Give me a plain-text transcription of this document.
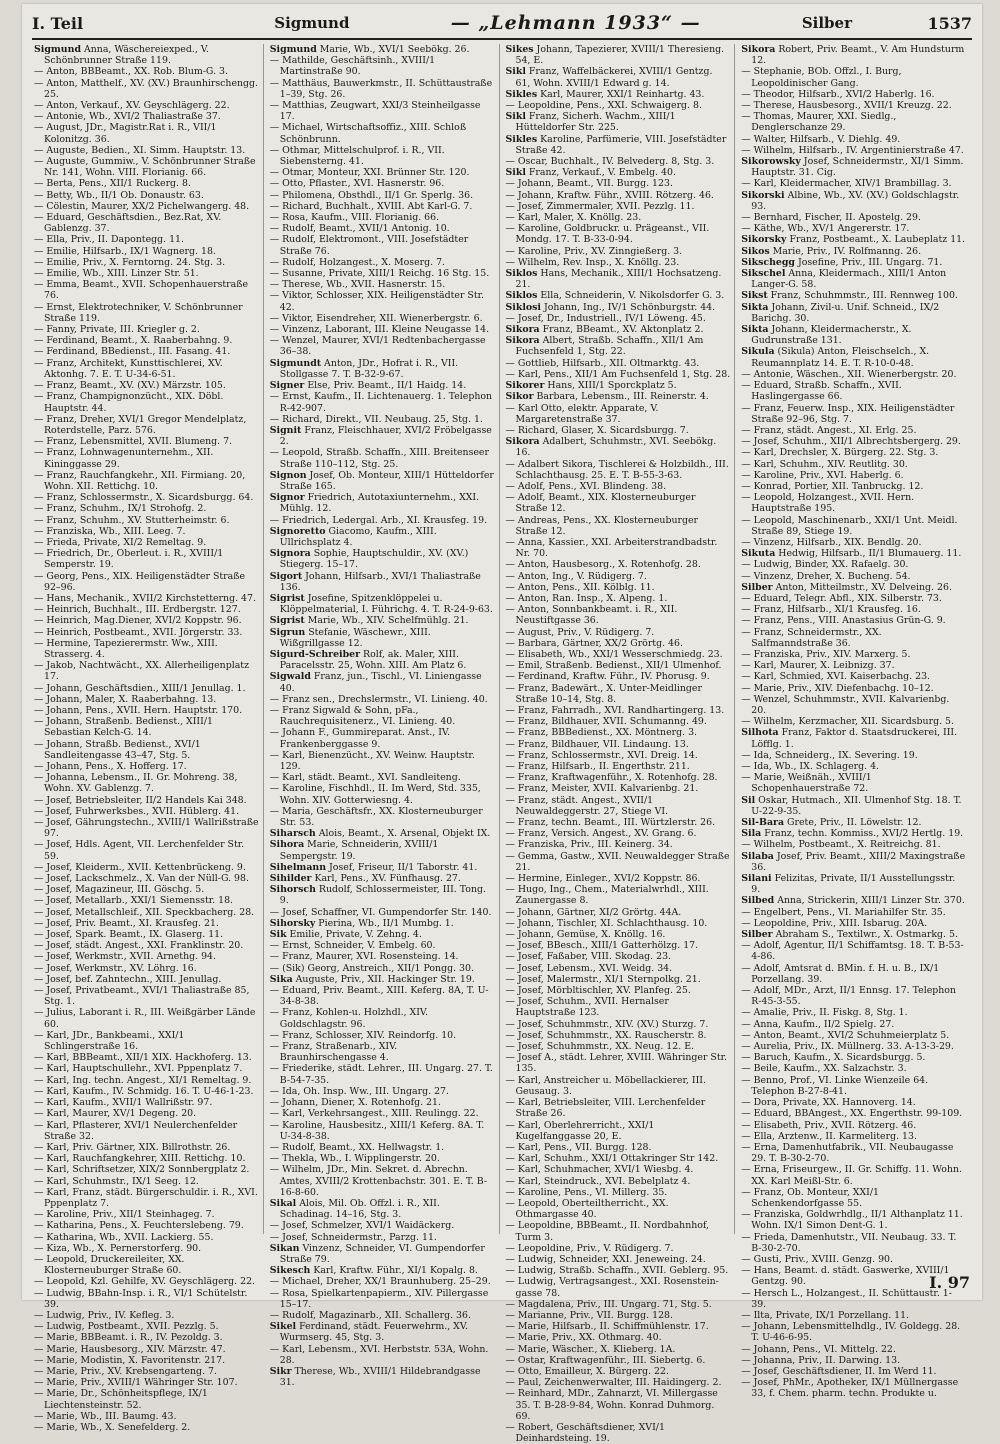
I. Teil	Sigmund	— „Lehmann 1933“ —	Silber	1537

Sigmund Anna, Wäschereiexped., V. Schönbrunner Straße 119.

— Anton, BBBeamt., XX. Rob. Blum-G. 3.

— Anton, Matthelf., XV. (XV.) Braunhirschengg. 25.

— Anton, Verkauf., XV. Geyschlägerg. 22.

— Antonie, Wb., XVI/2 Thaliastraße 37.

— August, JDr., Magistr.Rat i. R., VII/1 Kolonitzg. 36.

— Auguste, Bedien., XI. Simm. Hauptstr. 13.

— Auguste, Gummiw., V. Schönbrunner Straße Nr. 141, Wohn. VIII. Florianig. 66.

— Berta, Pens., XII/1 Ruckerg. 8.

— Betty, Wb., II/1 Ob. Donaustr. 63.

— Cölestin, Maurer, XX/2 Pichelwangerg. 48.

— Eduard, Geschäftsdien., Bez.Rat, XV. Gablenzg. 37.

— Ella, Priv., II. Dapontegg. 11.

— Emilie, Hilfsarb., IX/1 Wagnerg. 18.

— Emilie, Priv., X. Ferntorng. 24. Stg. 3.

— Emilie, Wb., XIII. Linzer Str. 51.

— Emma, Beamt., XVII. Schopenhauerstraße 76.

— Ernst, Elektrotechniker, V. Schönbrunner Straße 119.

— Fanny, Private, III. Kriegler g. 2.

— Ferdinand, Beamt., X. Raaberbahng. 9.

— Ferdinand, BBedienst., III. Fasang. 41.

— Franz, Architekt, Kunsttischlerei, XV. Aktonhg. 7. E. T. U-34-6-51.

— Franz, Beamt., XV. (XV.) Märzstr. 105.

— Franz, Champignonzücht., XIX. Döbl. Hauptstr. 44.

— Franz, Dreher, XVI/1 Gregor Mendelplatz, Roterdstelle, Parz. 576.

— Franz, Lebensmittel, XVII. Blumeng. 7.

— Franz, Lohnwagenunternehm., XII. Kininggasse 29.

— Franz, Rauchfangkehr., XII. Firmiang. 20, Wohn. XII. Rettichg. 10.

— Franz, Schlossermstr., X. Sicardsburgg. 64.

— Franz, Schuhm., IX/1 Strohofg. 2.

— Franz, Schuhm., XV. Stutterheimstr. 6.

— Franziska, Wb., XIII. Leeg. 7.

— Frieda, Private, XI/2 Remeltag. 9.

— Friedrich, Dr., Oberleut. i. R., XVIII/1 Semperstr. 19.

— Georg, Pens., XIX. Heiligenstädter Straße 92–96.

— Hans, Mechanik., XVII/2 Kirchstetterng. 47.

— Heinrich, Buchhalt., III. Erdbergstr. 127.

— Heinrich, Mag.Diener, XVI/2 Koppstr. 96.

— Heinrich, Postbeamt., XVII. Jörgerstr. 33.

— Hermine, Tapezierermstr. Ww., XIII. Strasserg. 4.

— Jakob, Nachtwächt., XX. Allerheiligenplatz 17.

— Johann, Geschäftsdien., XIII/1 Jenullag. 1.

— Johann, Maler, X. Raaberbahng. 13.

— Johann, Pens., XVII. Hern. Hauptstr. 170.

— Johann, Straßenb. Bedienst., XIII/1 Sebastian Kelch-G. 14.

— Johann, Straßb. Bedienst., XVI/1 Sandleitengasse 43–47, Stg. 5.

— Johann, Pens., X. Hofferg. 17.

— Johanna, Lebensm., II. Gr. Mohreng. 38, Wohn. XV. Gablenzg. 7.

— Josef, Betriebsleiter, II/2 Handels Kai 348.

— Josef, Fuhrwerksbes., XVII. Hüblerg. 41.

— Josef, Gährungstechn., XVIII/1 Wallrißstraße 97.

— Josef, Hdls. Agent, VII. Lerchenfelder Str. 59.

— Josef, Kleiderm., XVII. Kettenbrückeng. 9.

— Josef, Lackschmelz., X. Van der Nüll-G. 98.

— Josef, Magazineur, III. Göschg. 5.

— Josef, Metallarb., XXI/1 Siemensstr. 18.

— Josef, Metallschleif., XII. Speckbacherg. 28.

— Josef, Priv. Beamt., XI. Krausfeg. 21.

— Josef, Spark. Beamt., IX. Glaserg. 11.

— Josef, städt. Angest., XXI. Franklinstr. 20.

— Josef, Werkmstr., XVII. Arnethg. 94.

— Josef, Werkmstr., XV. Löhrg. 16.

— Josef, bef. Zahntechn., XIII. Jenullag.

— Josef, Privatbeamt., XVI/1 Thaliastraße 85, Stg. 1.

— Julius, Laborant i. R., III. Weißgärber Lände 60.

— Karl, JDr., Bankbeami., XXI/1 Schlingerstraße 16.

— Karl, BBBeamt., XII/1 XIX. Hackhoferg. 13.

— Karl, Hauptschullehr., XVI. Pppenplatz 7.

— Karl, Ing. techn. Angest., XI/1 Remeltag. 9.

— Karl, Kaufm., IV. Schmidg. 16. T. U-46-1-23.

— Karl, Kaufm., XVII/1 Wallrißstr. 97.

— Karl, Maurer, XV/1 Degeng. 20.

— Karl, Pflasterer, XVI/1 Neulerchenfelder Straße 32.

— Karl, Priv. Gärtner, XIX. Billrothstr. 26.

— Karl, Rauchfangkehrer, XIII. Rettichg. 10.

— Karl, Schriftsetzer, XIX/2 Sonnbergplatz 2.

— Karl, Schuhmstr., IX/1 Seeg. 12.

— Karl, Franz, städt. Bürgerschuldir. i. R., XVI. Pppenplatz 7.

— Karoline, Priv., XII/1 Steinhageg. 7.

— Katharina, Pens., X. Feuchterslebeng. 79.

— Katharina, Wb., XVII. Lackierg. 55.

— Kiza, Wb., X. Pernerstorferg. 90.

— Leopold, Druckereileiter, XX. Klosterneuburger Straße 60.

— Leopold, Kzl. Gehilfe, XV. Geyschlägerg. 22.

— Ludwig, BBahn-Insp. i. R., VI/1 Schütelstr. 39.

— Ludwig, Priv., IV. Kefleg. 3.

— Ludwig, Postbeamt., XVII. Pezzlg. 5.

— Marie, BBBeamt. i. R., IV. Pezoldg. 3.

— Marie, Hausbesorg., XIV. Märzstr. 47.

— Marie, Modistin, X. Favoritenstr. 217.

— Marie, Priv., XV. Krebsengarteng. 7.

— Marie, Priv., XVIII/1 Währinger Str. 107.

— Marie, Dr., Schönheitspflege, IX/1 Liechtensteinstr. 52.

— Marie, Wb., III. Baumg. 43.

— Marie, Wb., X. Senefelderg. 2.

Sigmund Marie, Wb., XVI/1 Seebökg. 26.

— Mathilde, Geschäftsinh., XVIII/1 Martinstraße 90.

— Matthäus, Bauwerkmstr., II. Schüttaustraße 1–39, Stg. 26.

— Matthias, Zeugwart, XXI/3 Steinheilgasse 17.

— Michael, Wirtschaftsoffiz., XIII. Schloß Schönbrunn.

— Othmar, Mittelschulprof. i. R., VII. Siebensterng. 41.

— Otmar, Monteur, XXI. Brünner Str. 120.

— Otto, Pflaster., XVI. Hasnerstr. 96.

— Philomena, Obsthdl., II/1 Gr. Sperlg. 36.

— Richard, Buchhalt., XVIII. Abt Karl-G. 7.

— Rosa, Kaufm., VIII. Florianig. 66.

— Rudolf, Beamt., XVII/1 Antonig. 10.

— Rudolf, Elektromont., VIII. Josefstädter Straße 76.

— Rudolf, Holzangest., X. Moserg. 7.

— Susanne, Private, XIII/1 Reichg. 16 Stg. 15.

— Therese, Wb., XVII. Hasnerstr. 15.

— Viktor, Schlosser, XIX. Heiligenstädter Str. 42.

— Viktor, Eisendreher, XII. Wienerbergstr. 6.

— Vinzenz, Laborant, III. Kleine Neugasse 14.

— Wenzel, Maurer, XVI/1 Redtenbachergasse 36–38.

Sigmundt Anton, JDr., Hofrat i. R., VII. Stollgasse 7. T. B-32-9-67.

Signer Else, Priv. Beamt., II/1 Haidg. 14.

— Ernst, Kaufm., II. Lichtenauerg. 1. Telephon R-42-907.

— Richard, Direkt., VII. Neubaug. 25, Stg. 1.

Signit Franz, Fleischhauer, XVI/2 Fröbelgasse 2.

— Leopold, Straßb. Schaffn., XIII. Breitenseer Straße 110–112, Stg. 25.

Signon Josef, Ob. Monteur, XIII/1 Hütteldorfer Straße 165.

Signor Friedrich, Autotaxiunternehm., XXI. Mühlg. 12.

— Friedrich, Ledergal. Arb., XI. Krausfeg. 19.

Signoretto Giacomo, Kaufm., XIII. Ullrichsplatz 4.

Signora Sophie, Hauptschuldir., XV. (XV.) Stiegerg. 15–17.

Sigort Johann, Hilfsarb., XVI/1 Thaliastraße 136.

Sigrist Josefine, Spitzenklöppelei u. Klöppelmaterial, I. Führichg. 4. T. R-24-9-63.

Sigrist Marie, Wb., XIV. Schelfmühlg. 21.

Sigrun Stefanie, Wäschewr., XIII. Wißgrillgasse 12.

Sigurd-Schreiber Rolf, ak. Maler, XIII. Paracelsstr. 25, Wohn. XIII. Am Platz 6.

Sigwald Franz, jun., Tischl., VI. Liniengasse 40.

— Franz sen., Drechslermstr., VI. Linieng. 40.

— Franz Sigwald & Sohn, pFa., Rauchrequisitenerz., VI. Linieng. 40.

— Johann F., Gummireparat. Anst., IV. Frankenberggasse 9.

— Karl, Bienenzücht., XV. Weinw. Hauptstr. 129.

— Karl, städt. Beamt., XVI. Sandleiteng.

— Karoline, Fischhdl., II. Im Werd, Std. 335, Wohn. XIV. Gotterwiesng. 4.

— Maria, Geschäftsfr., XX. Klosterneuburger Str. 53.

Siharsch Alois, Beamt., X. Arsenal, Objekt IX.

Sihora Marie, Schneiderin, XVIII/1 Sempergstr. 19.

Sihelmann Josef, Friseur, II/1 Taborstr. 41.

Sihilder Karl, Pens., XV. Fünfhausg. 27.

Sihorsch Rudolf, Schlossermeister, III. Tong. 9.

— Josef, Schaffner, VI. Gumpendorfer Str. 140.

Sihorsky Pierina, Wb., II/1 Mumbg. 1.

Sik Emilie, Private, V. Zehng. 4.

— Ernst, Schneider, V. Embelg. 60.

— Franz, Maurer, XVI. Rosensteing. 14.

— (Sik) Georg, Anstreich., XII/1 Pongg. 30.

Sika Auguste, Priv., XII. Hackinger Str. 19.

— Eduard, Priv. Beamt., XIII. Keferg. 8A, T. U-34-8-38.

— Franz, Kohlen-u. Holzhdl., XIV. Goldschlagstr. 96.

— Franz, Schlosser, XIV. Reindorfg. 10.

— Franz, Straßenarb., XIV. Braunhirschengasse 4.

— Friederike, städt. Lehrer., III. Ungarg. 27. T. B-54-7-35.

— Ida, Oh. Insp. Ww., III. Ungarg. 27.

— Johann, Diener, X. Rotenhofg. 21.

— Karl, Verkehrsangest., XIII. Reulingg. 22.

— Karoline, Hausbesitz., XIII/1 Keferg. 8A. T. U-34-8-38.

— Rudolf, Beamt., XX. Hellwagstr. 1.

— Thekla, Wb., I. Wipplingerstr. 20.

— Wilhelm, JDr., Min. Sekret. d. Abrechn. Amtes, XVIII/2 Krottenbachstr. 301. E. T. B-16-8-60.

Sikal Alois, Mil. Ob. Offzl. i. R., XII. Schadinag. 14–16, Stg. 3.

— Josef, Schmelzer, XVI/1 Waidäckerg.

— Josef, Schneidermstr., Parzg. 11.

Sikan Vinzenz, Schneider, VI. Gumpendorfer Straße 79.

Sikesch Karl, Kraftw. Führ., XI/1 Kopalg. 8.

— Michael, Dreher, XX/1 Braunhuberg. 25–29.

— Rosa, Spielkartenpapierm., XIV. Pillergasse 15–17.

— Rudolf, Magazinarb., XII. Schallerg. 36.

Sikel Ferdinand, städt. Feuerwehrm., XV. Wurmserg. 45, Stg. 3.

— Karl, Lebensm., XVI. Herbststr. 53A, Wohn. 28.

Sikr Therese, Wb., XVIII/1 Hildebrandgasse 31.

Sikes Johann, Tapezierer, XVIII/1 Theresieng. 54, E.

Sikl Franz, Waffelbäckerei, XVIII/1 Gentzg. 61, Wohn. XVIII/1 Edward g. 14.

Sikles Karl, Maurer, XXI/1 Reinhartg. 43.

— Leopoldine, Pens., XXI. Schwaigerg. 8.

Sikl Franz, Sicherh. Wachm., XIII/1 Hütteldorfer Str. 225.

Sikles Karoline, Parfümerie, VIII. Josefstädter Straße 42.

— Oscar, Buchhalt., IV. Belvederg. 8, Stg. 3.

Sikl Franz, Verkauf., V. Embelg. 40.

— Johann, Beamt., VII. Burgg. 123.

— Johann, Kraftw. Führ., XVIII. Rötzerg. 46.

— Josef, Zimmermaler, XVII. Pezzlg. 11.

— Karl, Maler, X. Knöllg. 23.

— Karoline, Goldbruckr. u. Prägeanst., VII. Mondg. 17. T. B-33-0-94.

— Karoline, Priv., XV. Zinngießerg. 3.

— Wilhelm, Rev. Insp., X. Knöllg. 23.

Siklos Hans, Mechanik., XIII/1 Hochsatzeng. 21.

Siklos Ella, Schneiderin, V. Nikolsdorfer G. 3.

Siklosi Johann, Ing., IV/1 Schönburgstr. 44.

— Josef, Dr., Industriell., IV/1 Löweng. 45.

Sikora Franz, BBeamt., XV. Aktonplatz 2.

Sikora Albert, Straßb. Schaffn., XII/1 Am Fuchsenfeld 1, Stg. 22.

— Gottlieb, Hilfsarb., XII. Oltmarktg. 43.

— Karl, Pens., XII/1 Am Fuchsenfeld 1, Stg. 28.

Sikorer Hans, XIII/1 Sporckplatz 5.

Sikor Barbara, Lebensm., III. Reinerstr. 4.

— Karl Otto, elektr. Apparate, V. Margaretenstraße 37.

— Richard, Glaser, X. Sicardsburgg. 7.

Sikora Adalbert, Schuhmstr., XVI. Seebökg. 16.

— Adalbert Sikora, Tischlerei & Holzbildh., III. Schlachthausg. 25. E. T. B-55-3-63.

— Adolf, Pens., XVI. Blindeng. 38.

— Adolf, Beamt., XIX. Klosterneuburger Straße 12.

— Andreas, Pens., XX. Klosterneuburger Straße 12.

— Anna, Kassier., XXI. Arbeiterstrandbadstr. Nr. 70.

— Anton, Hausbesorg., X. Rotenhofg. 28.

— Anton, Ing., V. Rüdigerg. 7.

— Anton, Pens., XII. Kölblg. 11.

— Anton, Ran. Insp., X. Alpeng. 1.

— Anton, Sonnbankbeamt. i. R., XII. Neustiftgasse 36.

— August, Priv., V. Rüdigerg. 7.

— Barbara, Gärtner, XX/2 Grörtg. 46.

— Elisabeth, Wb., XXI/1 Wesserschmiedg. 23.

— Emil, Straßenb. Bedienst., XII/1 Ulmenhof.

— Ferdinand, Kraftw. Führ., IV. Phorusg. 9.

— Franz, Badewärt., X. Unter-Meidlinger Straße 10–14, Stg. 8.

— Franz, Fahrradh., XVI. Randhartingerg. 13.

— Franz, Bildhauer, XVII. Schumanng. 49.

— Franz, BBBedienst., XX. Möntnerg. 3.

— Franz, Bildhauer, VII. Lindaung. 13.

— Franz, Schlossermstr., XVI. Dreig. 14.

— Franz, Hilfsarb., II. Engerthstr. 211.

— Franz, Kraftwagenführ., X. Rotenhofg. 28.

— Franz, Meister, XVII. Kalvarienbg. 21.

— Franz, städt. Angest., XVII/1 Neuwaldeggerstr. 27, Stiege VI.

— Franz, techn. Beamt., III. Würtzlerstr. 26.

— Franz, Versich. Angest., XV. Grang. 6.

— Franziska, Priv., III. Keinerg. 34.

— Gemma, Gastw., XVII. Neuwaldegger Straße 21.

— Hermine, Einleger., XVI/2 Koppstr. 86.

— Hugo, Ing., Chem., Materialwrhdl., XIII. Zaunergasse 8.

— Johann, Gärtner, XI/2 Grörtg. 44A.

— Johann, Tischler, XI. Schlachthausg. 10.

— Johann, Gemüse, X. Knöllg. 16.

— Josef, BBesch., XIII/1 Gatterhölzg. 17.

— Josef, Faßaber, VIII. Skodag. 23.

— Josef, Lebensm., XVI. Weidg. 34.

— Josef, Malermstr., XI/1 Sternpolkg. 21.

— Josef, Mörbltischler, XV. Planfeg. 25.

— Josef, Schuhm., XVII. Hernalser Hauptstraße 123.

— Josef, Schuhmmstr., XIV. (XV.) Sturzg. 7.

— Josef, Schuhmmstr., XX. Rauscherstr. 8.

— Josef, Schuhmmstr., XX. Neug. 12. E.

— Josef A., städt. Lehrer, XVIII. Währinger Str. 135.

— Karl, Anstreicher u. Möbellackierer, III. Geusaug. 3.

— Karl, Betriebsleiter, VIII. Lerchenfelder Straße 26.

— Karl, Oberlehrerricht., XXI/1 Kugelfanggasse 20, E.

— Karl, Pens., VII. Burgg. 128.

— Karl, Schuhm., XXI/1 Ottakringer Str 142.

— Karl, Schuhmacher, XVI/1 Wiesbg. 4.

— Karl, Steindruck., XVI. Bebelplatz 4.

— Karoline, Pens., VI. Millerg. 35.

— Leopold, Oberteiltherricht., XX. Othmargasse 40.

— Leopoldine, BBBeamt., II. Nordbahnhof, Turm 3.

— Leopoldine, Priv., V. Rüdigerg. 7.

— Ludwig, Schneider, XXI. Jeneweing. 24.

— Ludwig, Straßb. Schaffn., XVII. Geblerg. 95.

— Ludwig, Vertragsangest., XXI. Rosenstein-gasse 78.

— Magdalena, Priv., III. Ungarg. 71, Stg. 5.

— Marianne, Priv., VII. Burgg. 128.

— Marie, Hilfsarb., II. Schiffmühlenstr. 17.

— Marie, Priv., XX. Othmarg. 40.

— Marie, Wäscher., X. Klieberg. 1A.

— Ostar, Kraftwagenführ., III. Siebertg. 6.

— Otto, Emailleur, X. Bürgerg. 22.

— Paul, Zeichenwerwalter, III. Haidingerg. 2.

— Reinhard, MDr., Zahnarzt, VI. Millergasse 35. T. B-28-9-84, Wohn. Konrad Duhmorg. 69.

— Robert, Geschäftsdiener, XVI/1 Deinhardsteing. 19.

Sikora Robert, Priv. Beamt., V. Am Hundsturm 12.

— Stephanie, BOb. Offzl., I. Burg, Leopoldinischer Gang.

— Theodor, Hilfsarb., XVI/2 Haberlg. 16.

— Therese, Hausbesorg., XVII/1 Kreuzg. 22.

— Thomas, Maurer, XXI. Siedlg., Denglerschanze 29.

— Walter, Hilfsarb., V. Diehlg. 49.

— Wilhelm, Hilfsarb., IV. Argentinierstraße 47.

Sikorowsky Josef, Schneidermstr., XI/1 Simm. Hauptstr. 31. Cig.

— Karl, Kleidermacher, XIV/1 Brambillag. 3.

Sikorski Albine, Wb., XV. (XV.) Goldschlagstr. 93.

— Bernhard, Fischer, II. Apostelg. 29.

— Käthe, Wb., XV/1 Angererstr. 17.

Sikorsky Franz, Postbeamt., X. Laubeplatz 11.

Sikos Marie, Priv., IV. Rolfmanng. 26.

Sikschegg Josefine, Priv., III. Ungarg. 71.

Sikschel Anna, Kleidermach., XIII/1 Anton Langer-G. 58.

Sikst Franz, Schuhmmstr., III. Rennweg 100.

Sikta Johann, Zivil-u. Unif. Schneid., IX/2 Barichg. 30.

Sikta Johann, Kleidermacherstr., X. Gudrunstraße 131.

Sikula (Sikula) Anton, Fleischselch., X. Reumannplatz 14. E. T. R-10-0-48.

— Antonie, Wäschen., XII. Wienerbergstr. 20.

— Eduard, Straßb. Schaffn., XVII. Haslingergasse 66.

— Franz, Feuerw. Insp., XIX. Heiligenstädter Straße 92–96, Stg. 7.

— Franz, städt. Angest., XI. Erlg. 25.

— Josef, Schuhm., XII/1 Albrechtsbergerg. 29.

— Karl, Drechsler, X. Bürgerg. 22. Stg. 3.

— Karl, Schuhm., XIV. Reutlitg. 30.

— Karoline, Priv., XVI. Haberlg. 6.

— Konrad, Portier, XII. Tanbruckg. 12.

— Leopold, Holzangest., XVII. Hern. Hauptstraße 195.

— Leopold, Maschinenarb., XXI/1 Unt. Meidl. Straße 89, Stiege 19.

— Vinzenz, Hilfsarb., XIX. Bendlg. 20.

Sikuta Hedwig, Hilfsarb., II/1 Blumauerg. 11.

— Ludwig, Binder, XX. Rafaelg. 30.

— Vinzenz, Dreher, X. Bucheng. 54.

Silber Anton, Mitteilmstr., XV. Delveing. 26.

— Eduard, Telegr. Abfl., XIX. Silberstr. 73.

— Franz, Hilfsarb., XI/1 Krausfeg. 16.

— Franz, Pens., VIII. Anastasius Grün-G. 9.

— Franz, Schneidermstr., XX. Salfmanndstraße 36.

— Franziska, Priv., XIV. Marxerg. 5.

— Karl, Maurer, X. Leibnizg. 37.

— Karl, Schmied, XVI. Kaiserbachg. 23.

— Marie, Priv., XIV. Diefenbachg. 10–12.

— Wenzel, Schuhmmstr., XVII. Kalvarienbg. 20.

— Wilhelm, Kerzmacher, XII. Sicardsburg. 5.

Silhota Franz, Faktor d. Staatsdruckerei, III. Löfflg. 1.

— Ida, Schneiderg., IX. Severing. 19.

— Ida, Wb., IX. Schlagerg. 4.

— Marie, Weißnäh., XVIII/1 Schopenhauerstraße 72.

Sil Oskar, Hutmach., XII. Ulmenhof Stg. 18. T. U-22-9-35.

Sil-Bara Grete, Priv., II. Löwelstr. 12.

Sila Franz, techn. Kommiss., XVI/2 Hertlg. 19.

— Wilhelm, Postbeamt., X. Reitreichg. 81.

Silaba Josef, Priv. Beamt., XIII/2 Maxingstraße 36.

Silani Felizitas, Private, II/1 Ausstellungsstr. 9.

Silbed Anna, Strickerin, XIII/1 Linzer Str. 370.

— Engelbert, Pens., VI. Mariahilfer Str. 35.

— Leopoldine, Priv., XIII. Isbarug. 20A.

Silber Abraham S., Textilwr., X. Ostmarkg. 5.

— Adolf, Agentur, II/1 Schiffamtsg. 18. T. B-53-4-86.

— Adolf, Amtsrat d. BMin. f. H. u. B., IX/1 Porzellang. 39.

— Adolf, MDr., Arzt, II/1 Ennsg. 17. Telephon R-45-3-55.

— Amalie, Priv., II. Fiskg. 8, Stg. 1.

— Anna, Kaufm., II/2 Spielg. 27.

— Anton, Beamt., XVI/2 Schuhmeierplatz 5.

— Aurelia, Priv., IX. Müllnerg. 33. A-13-3-29.

— Baruch, Kaufm., X. Sicardsburgg. 5.

— Beile, Kaufm., XX. Salzachstr. 3.

— Benno, Prof., VI. Linke Wienzeile 64. Telephon B-27-8-41.

— Dora, Private, XX. Hannoverg. 14.

— Eduard, BBAngest., XX. Engerthstr. 99-109.

— Elisabeth, Priv., XVII. Rötzerg. 46.

— Ella, Arztenw., II. Karmeliterg. 13.

— Erna, Damenhutfabrik., VII. Neubaugasse 29. T. B-30-2-70.

— Erna, Friseurgew., II. Gr. Schiffg. 11. Wohn. XX. Karl Meißl-Str. 6.

— Franz, Ob. Monteur, XXI/1 Schenkendorfgasse 55.

— Franziska, Goldwrhdlg., II/1 Althanplatz 11. Wohn. IX/1 Simon Dent-G. 1.

— Frieda, Damenhutstr., VII. Neubaug. 33. T. B-30-2-70.

— Gusti, Priv., XVIII. Genzg. 90.

— Hans, Beamt. d. städt. Gaswerke, XVIII/1 Gentzg. 90.

— Hersch L., Holzangest., II. Schüttaustr. 1-39.

— Ilta, Private, IX/1 Porzellang. 11.

— Johann, Lebensmittelhdlg., IV. Goldegg. 28. T. U-46-6-95.

— Johann, Pens., VI. Mittelg. 22.

— Johanna, Priv., II. Darwing. 13.

— Josef, Geschäftsdiener, II. Im Werd 11.

— Josef, PhMr., Apotheker, IX/1 Müllnergasse 33, f. Chem. pharm. techn. Produkte u.

I. 97
